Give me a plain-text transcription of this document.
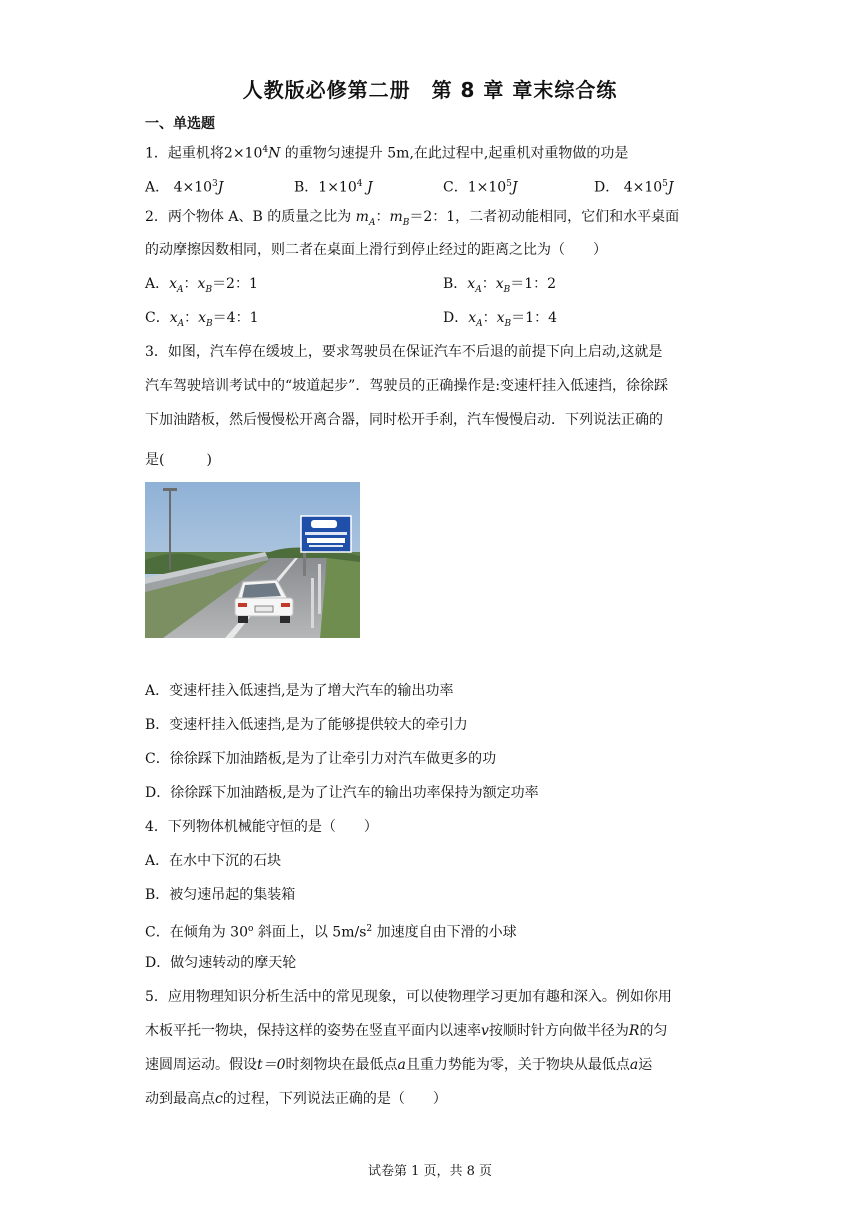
人教版必修第二册　第 8 章 章末综合练
一、单选题
1．起重机将$2\times 10^4N$ 的重物匀速提升 5m,在此过程中,起重机对重物做的功是
A． $4\times 10^3J$	B．$1\times 10^4$ J	C．$1\times 10^5J$	D． $4\times 10^5J$
2．两个物体 A、B 的质量之比为 $m_A$：$m_B=2$：1，二者初动能相同，它们和水平桌面
的动摩擦因数相同，则二者在桌面上滑行到停止经过的距离之比为（　　）
A．$x_A$：$x_B=2$：1	B．$x_A$：$x_B=1$：2
C．$x_A$：$x_B=4$：1	D．$x_A$：$x_B=1$：4
3．如图，汽车停在缓坡上，要求驾驶员在保证汽车不后退的前提下向上启动,这就是
汽车驾驶培训考试中的“坡道起步”．驾驶员的正确操作是:变速杆挂入低速挡，徐徐踩
下加油踏板，然后慢慢松开离合器，同时松开手刹，汽车慢慢启动．下列说法正确的
是(　　　)
A．变速杆挂入低速挡,是为了增大汽车的输出功率
B．变速杆挂入低速挡,是为了能够提供较大的牵引力
C．徐徐踩下加油踏板,是为了让牵引力对汽车做更多的功
D．徐徐踩下加油踏板,是为了让汽车的输出功率保持为额定功率
4．下列物体机械能守恒的是（　　）
A．在水中下沉的石块
B．被匀速吊起的集装箱
C．在倾角为 30$^o$ 斜面上，以 $5m/s^2$ 加速度自由下滑的小球
D．做匀速转动的摩天轮
5．应用物理知识分析生活中的常见现象，可以使物理学习更加有趣和深入。例如你用
木板平托一物块，保持这样的姿势在竖直平面内以速率v按顺时针方向做半径为R的匀
速圆周运动。假设t＝0时刻物块在最低点a且重力势能为零，关于物块从最低点a运
动到最高点c的过程，下列说法正确的是（　　）
试卷第 1 页，共 8 页
